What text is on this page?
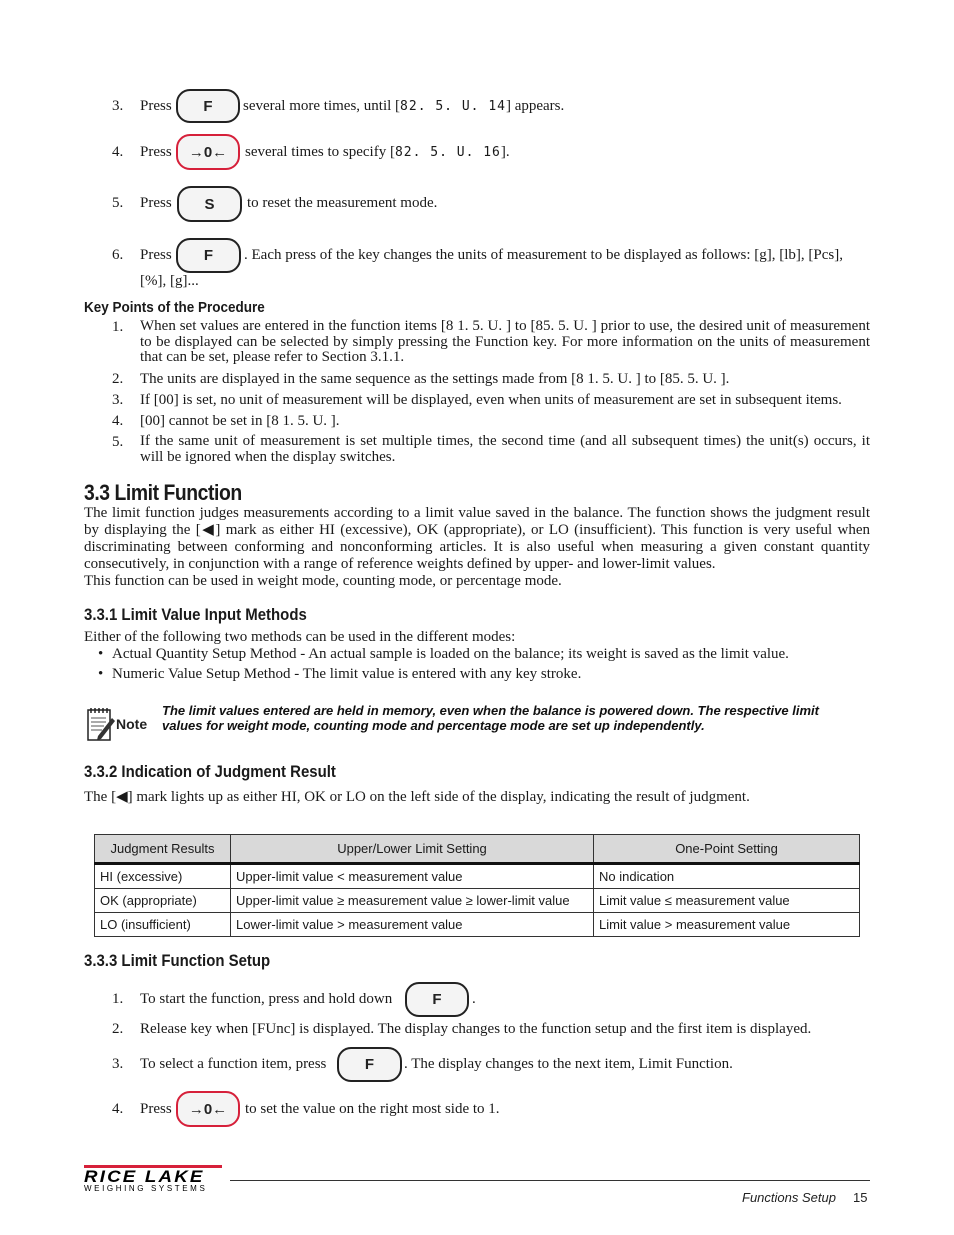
3.	Press	F	several more times, until [82. 5. U. 14] appears.
4.	Press	→0←	several times to specify [82. 5. U. 16].
5.	Press	S	to reset the measurement mode.
6.	Press	F	. Each press of the key changes the units of measurement to be displayed as follows: [g], [lb], [Pcs],
[%], [g]...
Key Points of the Procedure
1.	When set values are entered in the function items [8 1. 5. U. ] to [85. 5. U. ] prior to use, the desired unit of measurement to be displayed can be selected by simply pressing the Function key. For more information on the units of measurement that can be set, please refer to Section 3.1.1.
2.	The units are displayed in the same sequence as the settings made from [8 1. 5. U. ] to [85. 5. U. ].
3.	If [00] is set, no unit of measurement will be displayed, even when units of measurement are set in subsequent items.
4.	[00] cannot be set in [8 1. 5. U. ].
5.	If the same unit of measurement is set multiple times, the second time (and all subsequent times) the unit(s) occurs, it will be ignored when the display switches.
3.3 Limit Function
The limit function judges measurements according to a limit value saved in the balance. The function shows the judgment result by displaying the [◀] mark as either HI (excessive), OK (appropriate), or LO (insufficient). This function is very useful when discriminating between conforming and nonconforming articles. It is also useful when measuring a given constant quantity consecutively, in conjunction with a range of reference weights defined by upper- and lower-limit values.
This function can be used in weight mode, counting mode, or percentage mode.
3.3.1 Limit Value Input Methods
Either of the following two methods can be used in the different modes:
• Actual Quantity Setup Method - An actual sample is loaded on the balance; its weight is saved as the limit value.
• Numeric Value Setup Method - The limit value is entered with any key stroke.
Note
The limit values entered are held in memory, even when the balance is powered down. The respective limit values for weight mode, counting mode and percentage mode are set up independently.
3.3.2 Indication of Judgment Result
The [◀] mark lights up as either HI, OK or LO on the left side of the display, indicating the result of judgment.
Judgment Results	Upper/Lower Limit Setting	One-Point Setting
HI (excessive)	Upper-limit value < measurement value	No indication
OK (appropriate)	Upper-limit value ≥ measurement value ≥ lower-limit value	Limit value ≤ measurement value
LO (insufficient)	Lower-limit value > measurement value	Limit value > measurement value
3.3.3 Limit Function Setup
1.	To start the function, press and hold down	F	.
2.	Release key when [FUnc] is displayed. The display changes to the function setup and the first item is displayed.
3.	To select a function item, press	F	. The display changes to the next item, Limit Function.
4.	Press	→0←	to set the value on the right most side to 1.
RICE LAKE
WEIGHING SYSTEMS
Functions Setup 15
